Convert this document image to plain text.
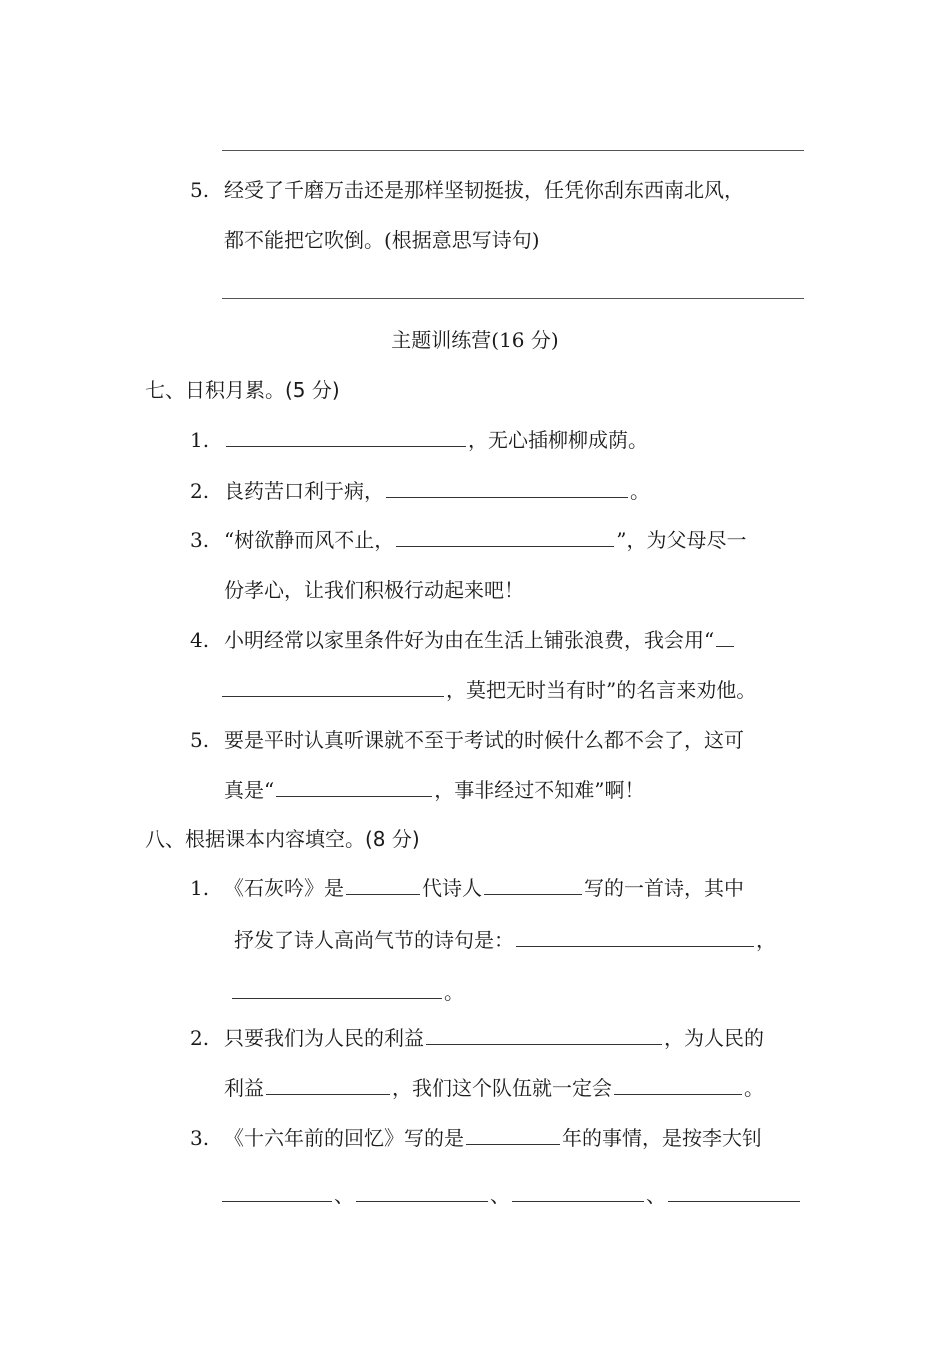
5. 经受了千磨万击还是那样坚韧挺拔，任凭你刮东西南北风，
都不能把它吹倒。(根据意思写诗句)
主题训练营(16 分)
七、日积月累。(5 分)
1.	，无心插柳柳成荫。
2. 良药苦口利于病，	。
3. “树欲静而风不止，	”，为父母尽一
份孝心，让我们积极行动起来吧！
4. 小明经常以家里条件好为由在生活上铺张浪费，我会用“
，莫把无时当有时”的名言来劝他。
5. 要是平时认真听课就不至于考试的时候什么都不会了，这可
真是“	，事非经过不知难”啊！
八、根据课本内容填空。(8 分)
1. 《石灰吟》是	代诗人	写的一首诗，其中
抒发了诗人高尚气节的诗句是：	，
。
2. 只要我们为人民的利益	，为人民的
利益	，我们这个队伍就一定会	。
3. 《十六年前的回忆》写的是	年的事情，是按李大钊
、	、	、
